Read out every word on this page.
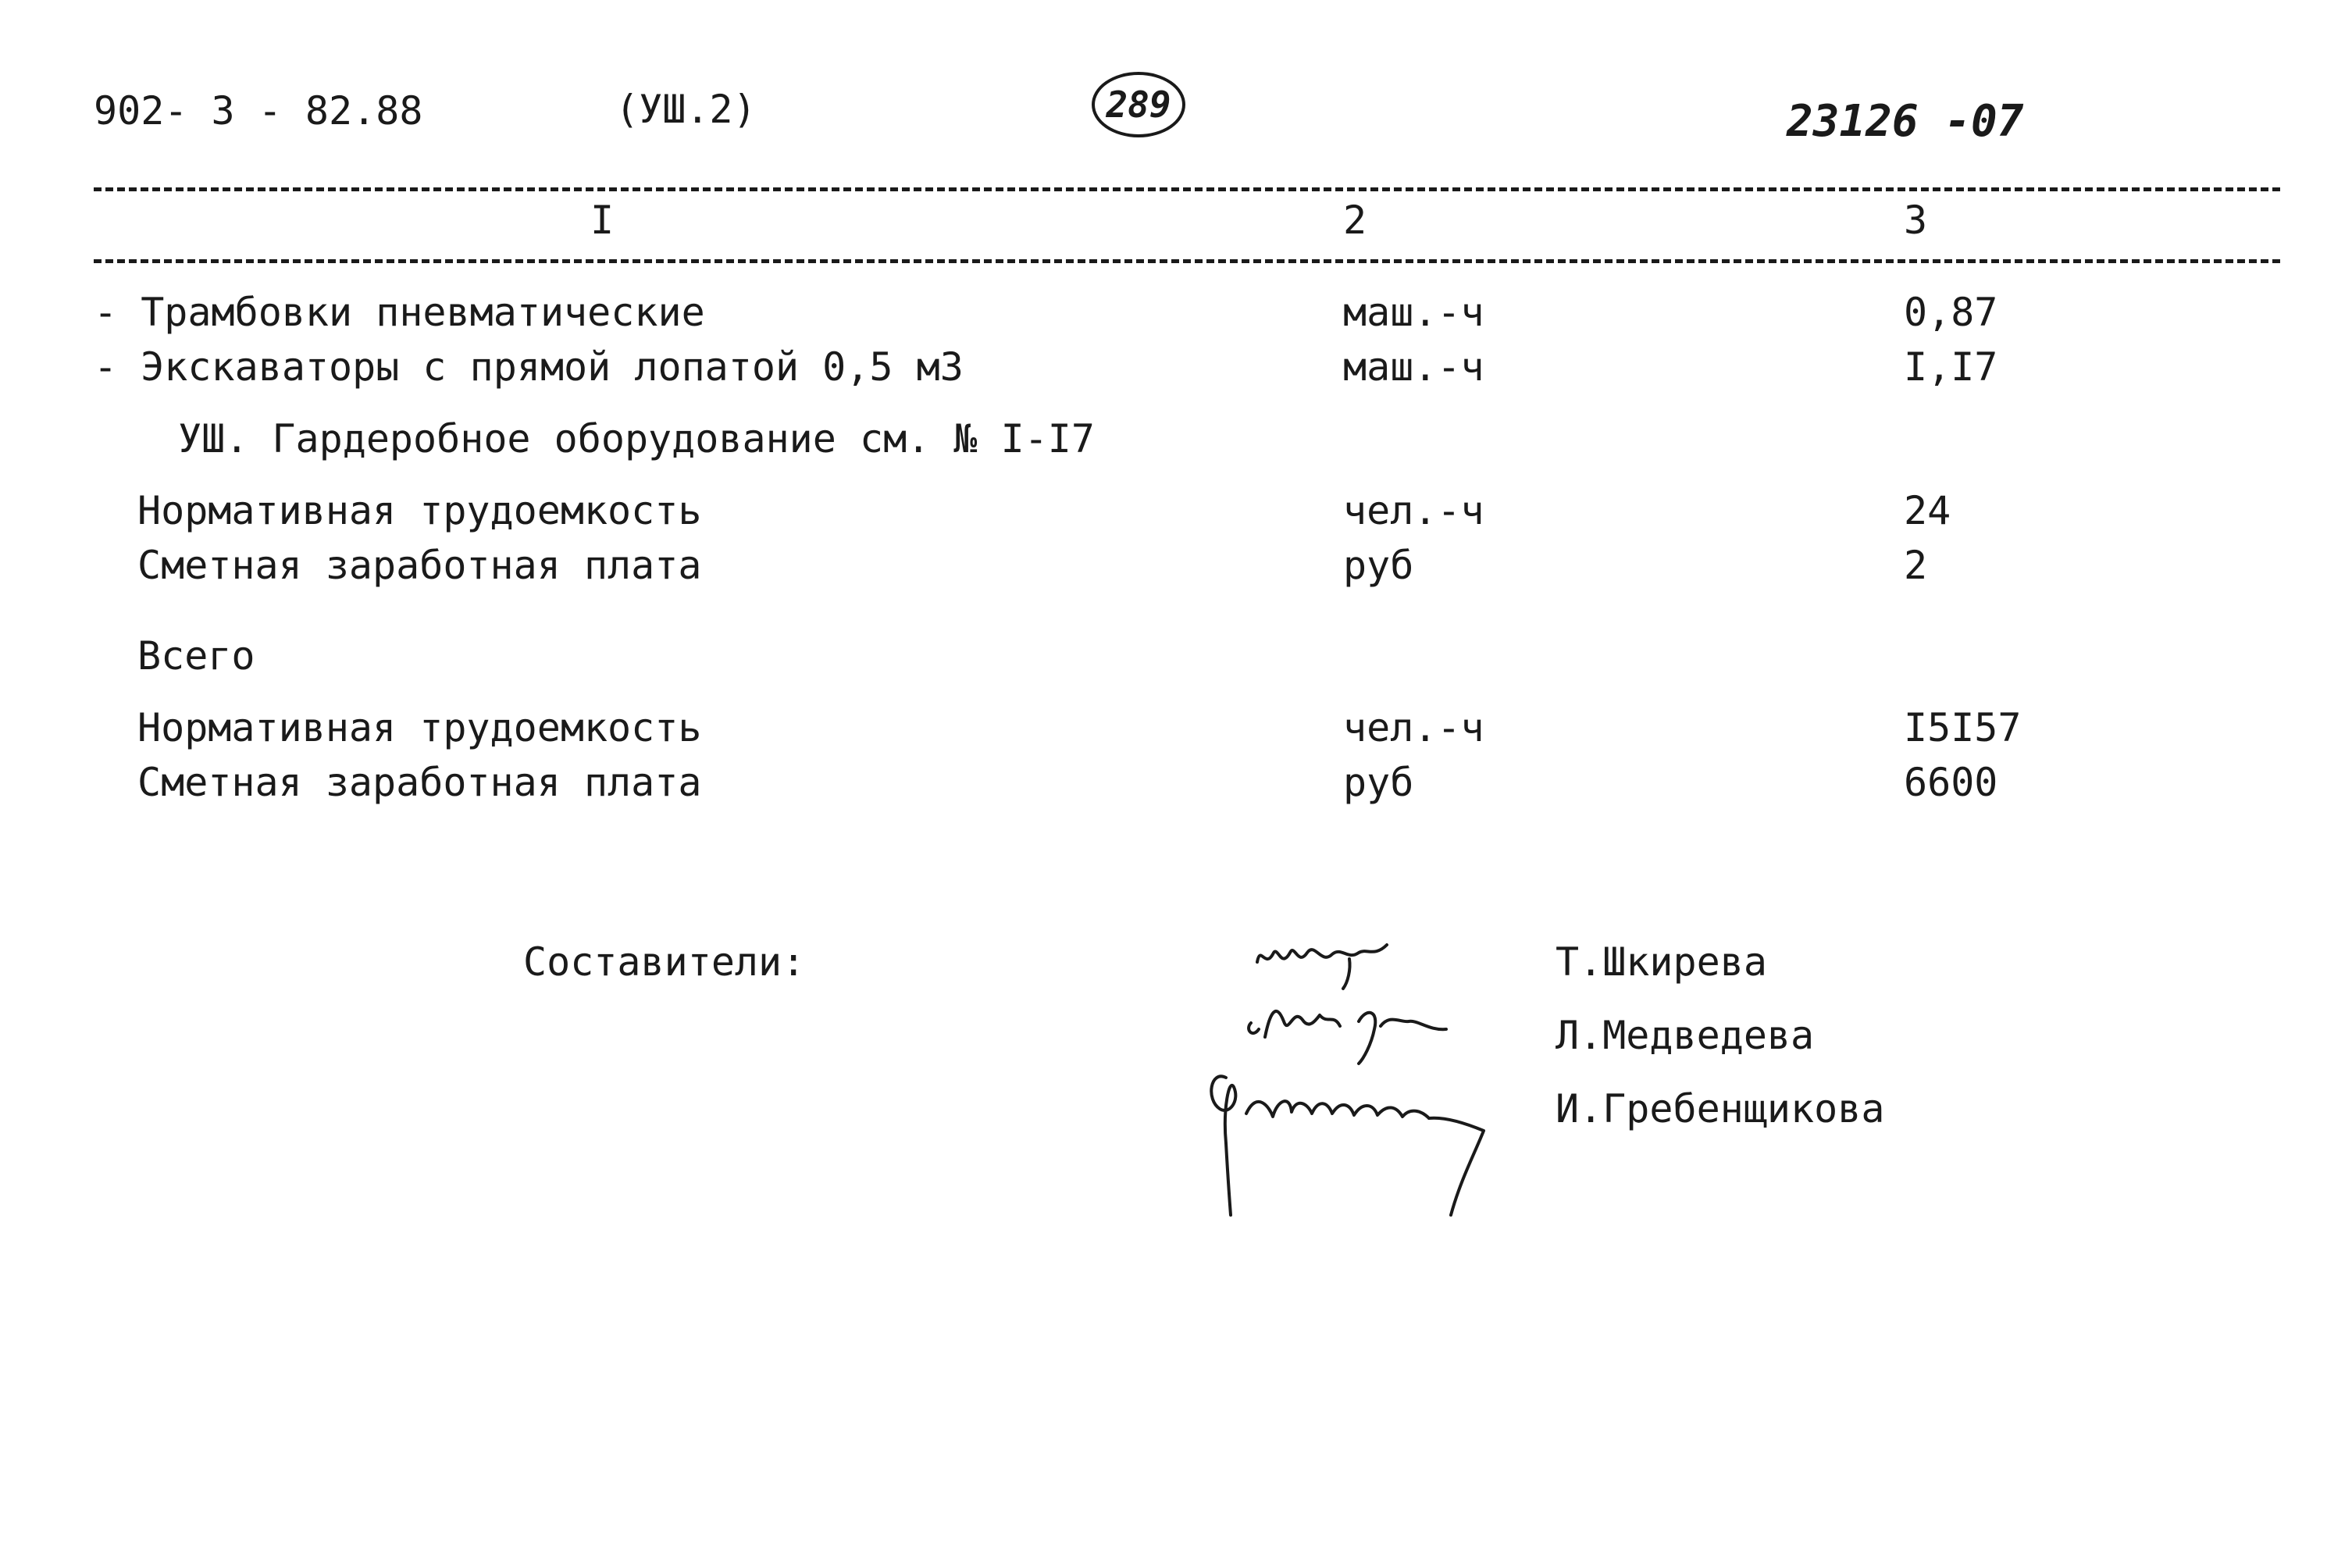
902- 3 - 82.88	(УШ.2)	289	23126 -07
I	2	3
- Трамбовки пневматические	маш.-ч	0,87
- Экскаваторы с прямой лопатой 0,5 м3	маш.-ч	I,I7
УШ. Гардеробное оборудование см. № I-I7
Нормативная трудоемкость	чел.-ч	24
Сметная заработная плата	руб	2
Всего
Нормативная трудоемкость	чел.-ч	I5I57
Сметная заработная плата	руб	6600
Составители:	Т.Шкирева
Л.Медведева
И.Гребенщикова
